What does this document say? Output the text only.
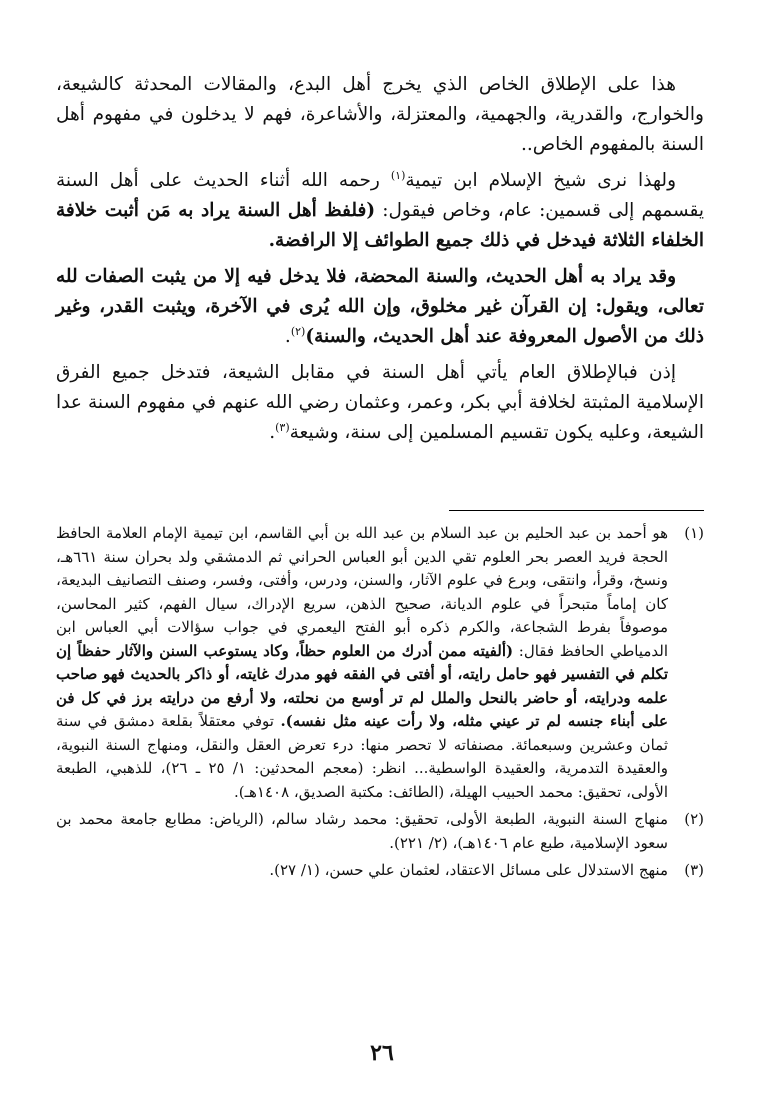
هذا على الإطلاق الخاص الذي يخرج أهل البدع، والمقالات المحدثة كالشيعة، والخوارج، والقدرية، والجهمية، والمعتزلة، والأشاعرة، فهم لا يدخلون في مفهوم أهل السنة بالمفهوم الخاص..

ولهذا نرى شيخ الإسلام ابن تيمية$^{(١)}$ رحمه الله أثناء الحديث على أهل السنة يقسمهم إلى قسمين: عام، وخاص فيقول: (فلفظ أهل السنة يراد به مَن أثبت خلافة الخلفاء الثلاثة فيدخل في ذلك جميع الطوائف إلا الرافضة.

وقد يراد به أهل الحديث، والسنة المحضة، فلا يدخل فيه إلا من يثبت الصفات لله تعالى، ويقول: إن القرآن غير مخلوق، وإن الله يُرى في الآخرة، ويثبت القدر، وغير ذلك من الأصول المعروفة عند أهل الحديث، والسنة)$^{(٢)}$.

إذن فبالإطلاق العام يأتي أهل السنة في مقابل الشيعة، فتدخل جميع الفرق الإسلامية المثبتة لخلافة أبي بكر، وعمر، وعثمان رضي الله عنهم في مفهوم السنة عدا الشيعة، وعليه يكون تقسيم المسلمين إلى سنة، وشيعة$^{(٣)}$.

(١)
هو أحمد بن عبد الحليم بن عبد السلام بن عبد الله بن أبي القاسم، ابن تيمية الإمام العلامة الحافظ الحجة فريد العصر بحر العلوم تقي الدين أبو العباس الحراني ثم الدمشقي ولد بحران سنة ٦٦١هـ، ونسخ، وقرأ، وانتقى، وبرع في علوم الآثار، والسنن، ودرس، وأفتى، وفسر، وصنف التصانيف البديعة، كان إماماً متبحراً في علوم الديانة، صحيح الذهن، سريع الإدراك، سيال الفهم، كثير المحاسن، موصوفاً بفرط الشجاعة، والكرم ذكره أبو الفتح اليعمري في جواب سؤالات أبي العباس ابن الدمياطي الحافظ فقال: (ألفيته ممن أدرك من العلوم حظاً، وكاد يستوعب السنن والآثار حفظاً إن تكلم في التفسير فهو حامل رايته، أو أفتى في الفقه فهو مدرك غايته، أو ذاكر بالحديث فهو صاحب علمه ودرايته، أو حاضر بالنحل والملل لم تر أوسع من نحلته، ولا أرفع من درايته برز في كل فن على أبناء جنسه لم تر عيني مثله، ولا رأت عينه مثل نفسه). توفي معتقلاً بقلعة دمشق في سنة ثمان وعشرين وسبعمائة. مصنفاته لا تحصر منها: درء تعرض العقل والنقل، ومنهاج السنة النبوية، والعقيدة التدمرية، والعقيدة الواسطية... انظر: (معجم المحدثين: ١/ ٢٥ ـ ٢٦)، للذهبي، الطبعة الأولى، تحقيق: محمد الحبيب الهيلة، (الطائف: مكتبة الصديق، ١٤٠٨هـ).
(٢)
منهاج السنة النبوية، الطبعة الأولى، تحقيق: محمد رشاد سالم، (الرياض: مطابع جامعة محمد بن سعود الإسلامية، طبع عام ١٤٠٦هـ)، (٢/ ٢٢١).
(٣)
منهج الاستدلال على مسائل الاعتقاد، لعثمان علي حسن، (١/ ٢٧).
٢٦
